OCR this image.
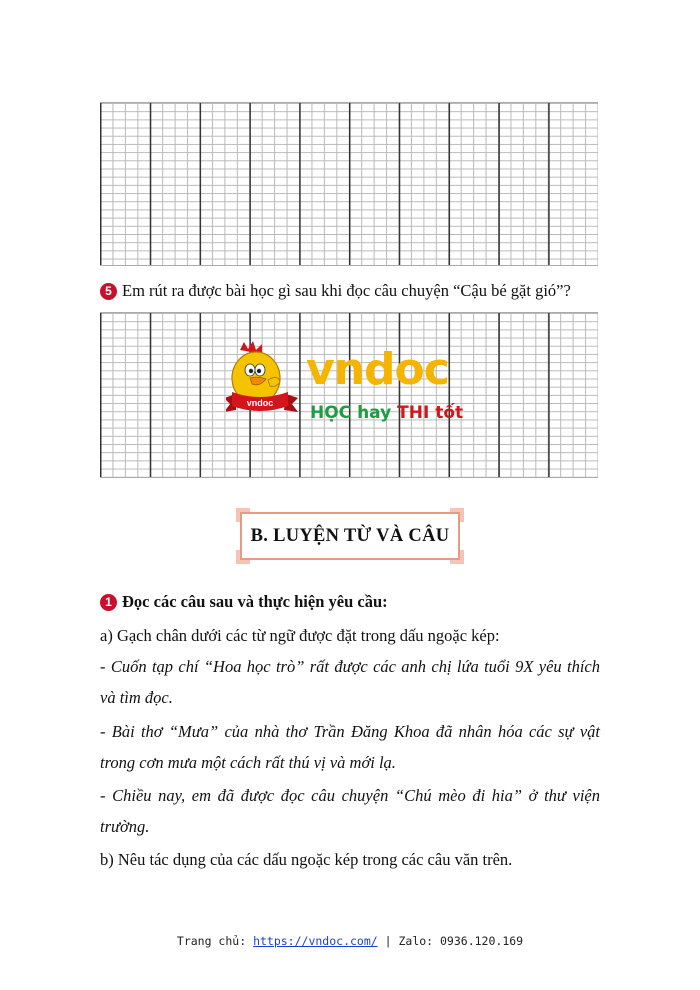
5 Em rút ra được bài học gì sau khi đọc câu chuyện “Cậu bé gặt gió”?
vndoc
vndoc
HỌC hay THI tốt
B. LUYỆN TỪ VÀ CÂU
1 Đọc các câu sau và thực hiện yêu cầu:
a) Gạch chân dưới các từ ngữ được đặt trong dấu ngoặc kép:
- Cuốn tạp chí “Hoa học trò” rất được các anh chị lứa tuổi 9X yêu thích
và tìm đọc.
- Bài thơ “Mưa” của nhà thơ Trần Đăng Khoa đã nhân hóa các sự vật
trong cơn mưa một cách rất thú vị và mới lạ.
- Chiều nay, em đã được đọc câu chuyện “Chú mèo đi hia” ở thư viện
trường.
b) Nêu tác dụng của các dấu ngoặc kép trong các câu văn trên.
Trang chủ: https://vndoc.com/ | Zalo: 0936.120.169
